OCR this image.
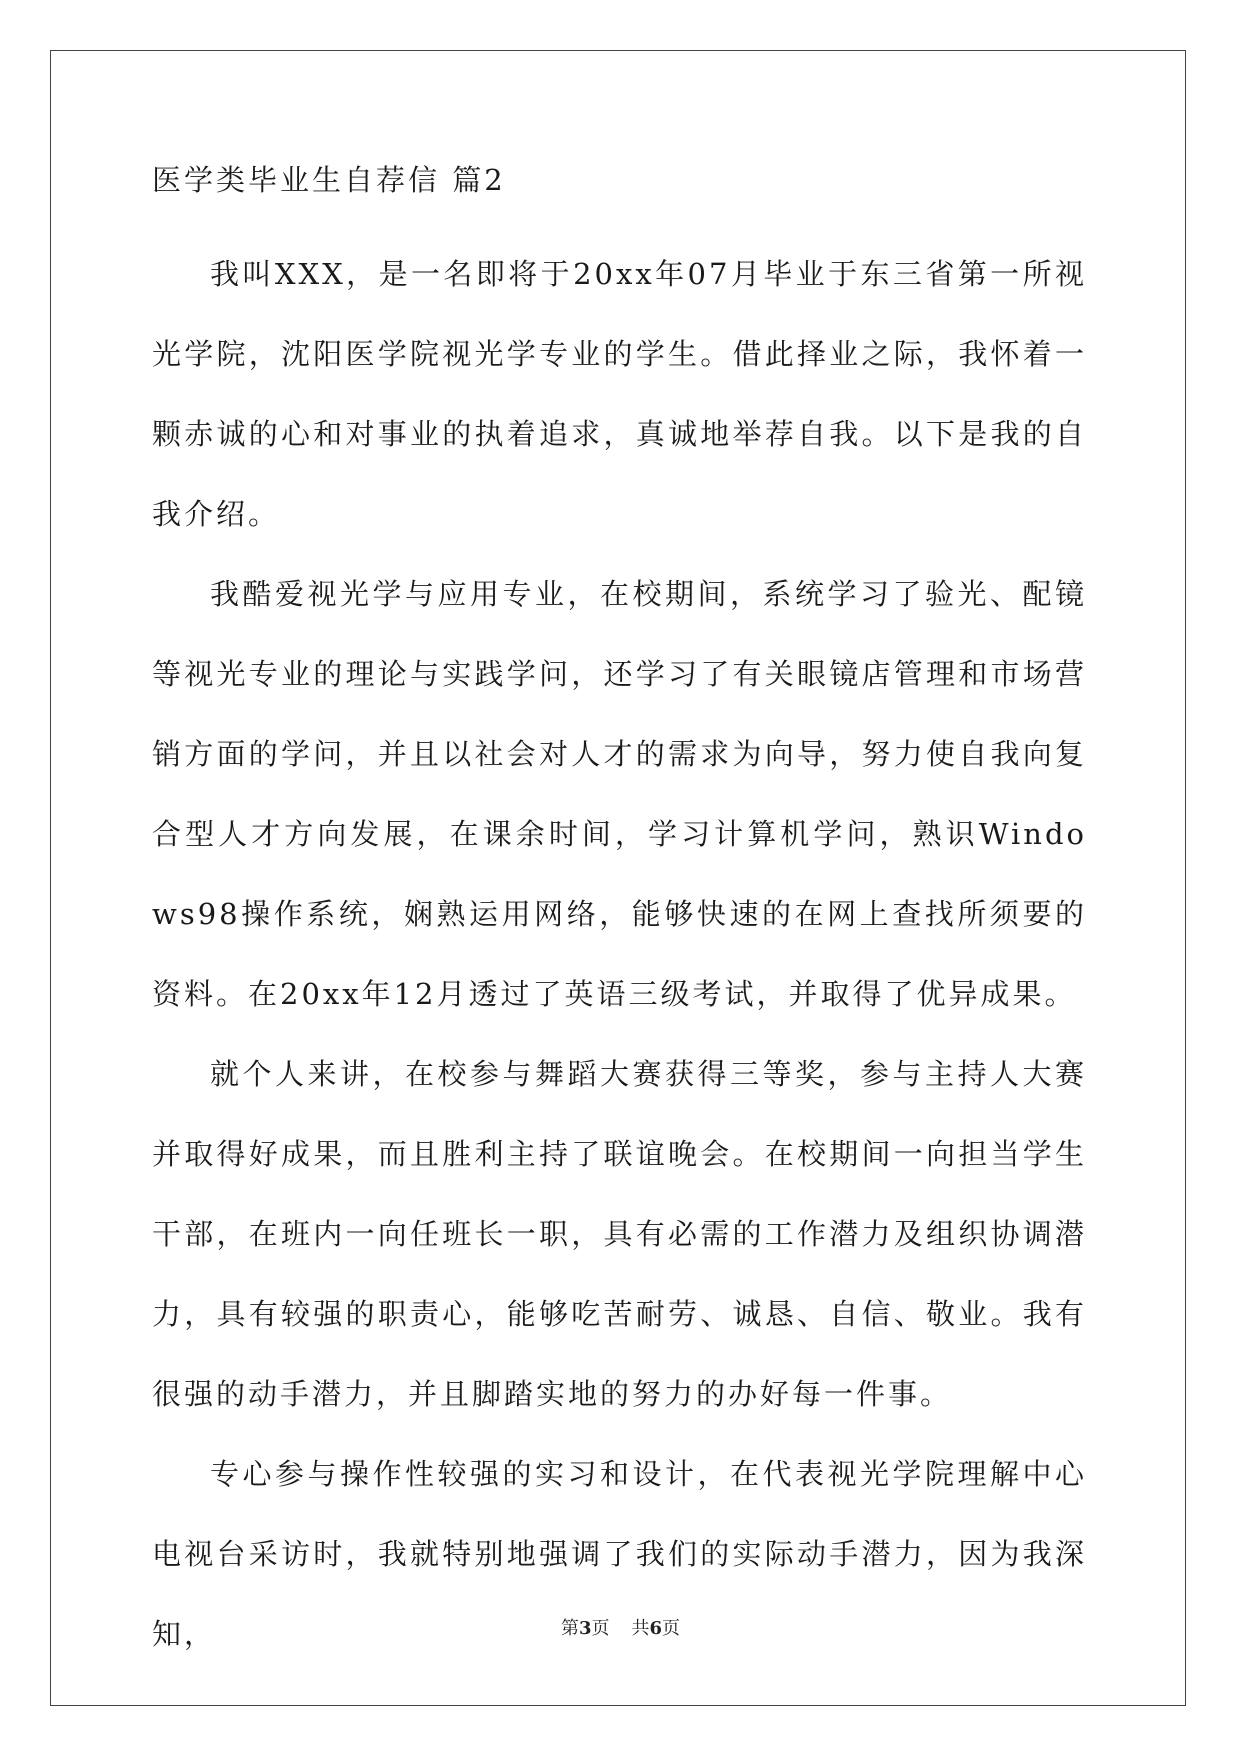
医学类毕业生自荐信 篇2

我叫XXX，是一名即将于20xx年07月毕业于东三省第一所视光学院，沈阳医学院视光学专业的学生。借此择业之际，我怀着一颗赤诚的心和对事业的执着追求，真诚地举荐自我。以下是我的自我介绍。

我酷爱视光学与应用专业，在校期间，系统学习了验光、配镜等视光专业的理论与实践学问，还学习了有关眼镜店管理和市场营销方面的学问，并且以社会对人才的需求为向导，努力使自我向复合型人才方向发展，在课余时间，学习计算机学问，熟识Windows98操作系统，娴熟运用网络，能够快速的在网上查找所须要的资料。在20xx年12月透过了英语三级考试，并取得了优异成果。

就个人来讲，在校参与舞蹈大赛获得三等奖，参与主持人大赛并取得好成果，而且胜利主持了联谊晚会。在校期间一向担当学生干部，在班内一向任班长一职，具有必需的工作潜力及组织协调潜力，具有较强的职责心，能够吃苦耐劳、诚恳、自信、敬业。我有很强的动手潜力，并且脚踏实地的努力的办好每一件事。

专心参与操作性较强的实习和设计，在代表视光学院理解中心电视台采访时，我就特别地强调了我们的实际动手潜力，因为我深知，	第3页 共6页
